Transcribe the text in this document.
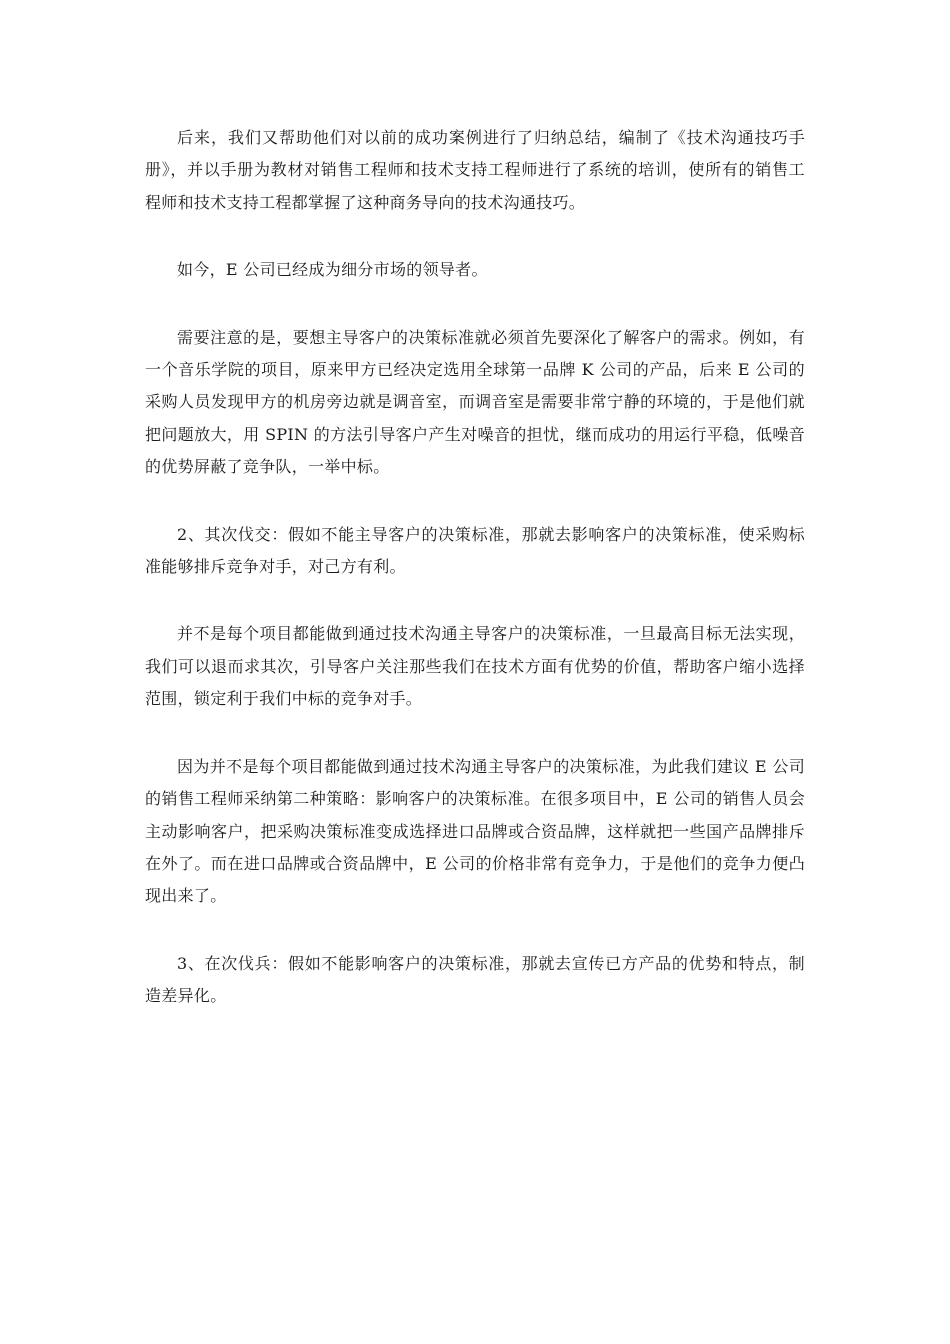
后来，我们又帮助他们对以前的成功案例进行了归纳总结，编制了《技术沟通技巧手册》，并以手册为教材对销售工程师和技术支持工程师进行了系统的培训，使所有的销售工程师和技术支持工程都掌握了这种商务导向的技术沟通技巧。

如今，E 公司已经成为细分市场的领导者。

需要注意的是，要想主导客户的决策标准就必须首先要深化了解客户的需求。例如，有一个音乐学院的项目，原来甲方已经决定选用全球第一品牌 K 公司的产品，后来 E 公司的采购人员发现甲方的机房旁边就是调音室，而调音室是需要非常宁静的环境的，于是他们就把问题放大，用 SPIN 的方法引导客户产生对噪音的担忧，继而成功的用运行平稳，低噪音的优势屏蔽了竞争队，一举中标。

2、其次伐交：假如不能主导客户的决策标准，那就去影响客户的决策标准，使采购标准能够排斥竞争对手，对己方有利。

并不是每个项目都能做到通过技术沟通主导客户的决策标准，一旦最高目标无法实现，我们可以退而求其次，引导客户关注那些我们在技术方面有优势的价值，帮助客户缩小选择范围，锁定利于我们中标的竞争对手。

因为并不是每个项目都能做到通过技术沟通主导客户的决策标准，为此我们建议 E 公司的销售工程师采纳第二种策略：影响客户的决策标准。在很多项目中，E 公司的销售人员会主动影响客户，把采购决策标准变成选择进口品牌或合资品牌，这样就把一些国产品牌排斥在外了。而在进口品牌或合资品牌中，E 公司的价格非常有竞争力，于是他们的竞争力便凸现出来了。

3、在次伐兵：假如不能影响客户的决策标准，那就去宣传已方产品的优势和特点，制造差异化。
